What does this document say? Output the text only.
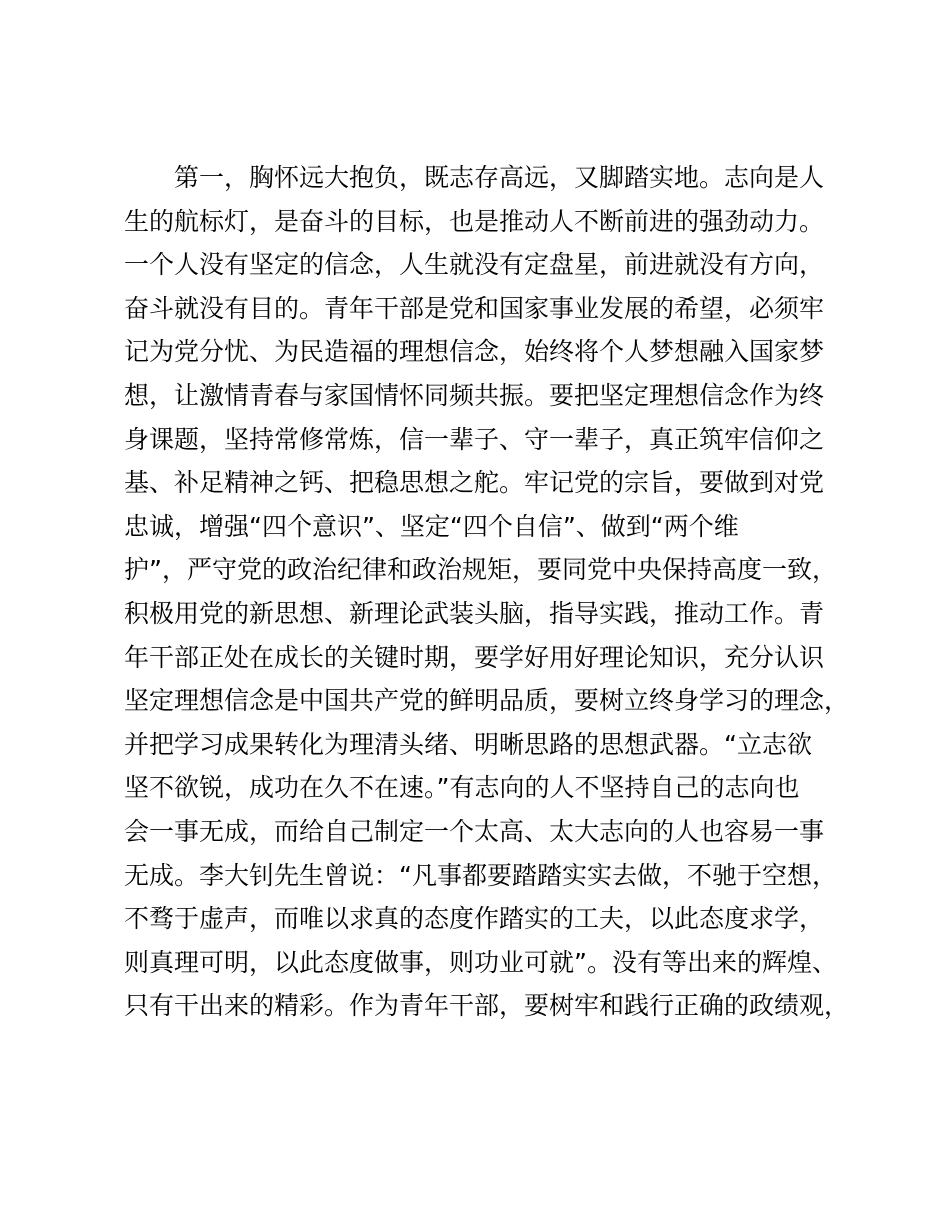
第一，胸怀远大抱负，既志存高远，又脚踏实地。志向是人
生的航标灯，是奋斗的目标，也是推动人不断前进的强劲动力。
一个人没有坚定的信念，人生就没有定盘星，前进就没有方向，
奋斗就没有目的。青年干部是党和国家事业发展的希望，必须牢
记为党分忧、为民造福的理想信念，始终将个人梦想融入国家梦
想，让激情青春与家国情怀同频共振。要把坚定理想信念作为终
身课题，坚持常修常炼，信一辈子、守一辈子，真正筑牢信仰之
基、补足精神之钙、把稳思想之舵。牢记党的宗旨，要做到对党
忠诚，增强“四个意识”、坚定“四个自信”、做到“两个维
护”，严守党的政治纪律和政治规矩，要同党中央保持高度一致，
积极用党的新思想、新理论武装头脑，指导实践，推动工作。青
年干部正处在成长的关键时期，要学好用好理论知识，充分认识
坚定理想信念是中国共产党的鲜明品质，要树立终身学习的理念，
并把学习成果转化为理清头绪、明晰思路的思想武器。“立志欲
坚不欲锐，成功在久不在速。”有志向的人不坚持自己的志向也
会一事无成，而给自己制定一个太高、太大志向的人也容易一事
无成。李大钊先生曾说：“凡事都要踏踏实实去做，不驰于空想，
不骛于虚声，而唯以求真的态度作踏实的工夫，以此态度求学，
则真理可明，以此态度做事，则功业可就”。没有等出来的辉煌、
只有干出来的精彩。作为青年干部，要树牢和践行正确的政绩观，
